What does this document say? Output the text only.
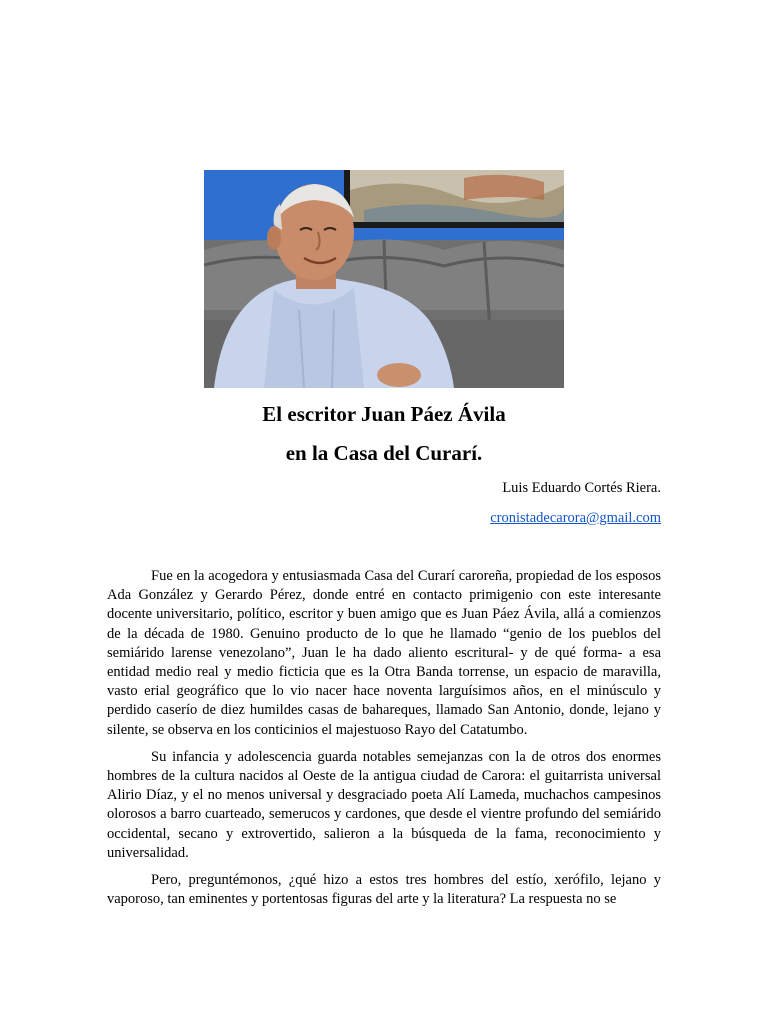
El escritor Juan Páez Ávila
en la Casa del Curarí.
Luis Eduardo Cortés Riera.
cronistadecarora@gmail.com

Fue en la acogedora y entusiasmada Casa del Curarí caroreña, propiedad de los esposos Ada González y Gerardo Pérez, donde entré en contacto primigenio con este interesante docente universitario, político, escritor y buen amigo que es Juan Páez Ávila, allá a comienzos de la década de 1980. Genuino producto de lo que he llamado “genio de los pueblos del semiárido larense venezolano”, Juan le ha dado aliento escritural- y de qué forma- a esa entidad medio real y medio ficticia que es la Otra Banda torrense, un espacio de maravilla, vasto erial geográfico que lo vio nacer hace noventa larguísimos años, en el minúsculo y perdido caserío de diez humildes casas de bahareques, llamado San Antonio, donde, lejano y silente, se observa en los conticinios el majestuoso Rayo del Catatumbo.

Su infancia y adolescencia guarda notables semejanzas con la de otros dos enormes hombres de la cultura nacidos al Oeste de la antigua ciudad de Carora: el guitarrista universal Alirio Díaz, y el no menos universal y desgraciado poeta Alí Lameda, muchachos campesinos olorosos a barro cuarteado, semerucos y cardones, que desde el vientre profundo del semiárido occidental, secano y extrovertido, salieron a la búsqueda de la fama, reconocimiento y universalidad.

Pero, preguntémonos, ¿qué hizo a estos tres hombres del estío, xerófilo, lejano y vaporoso, tan eminentes y portentosas figuras del arte y la literatura? La respuesta no se
